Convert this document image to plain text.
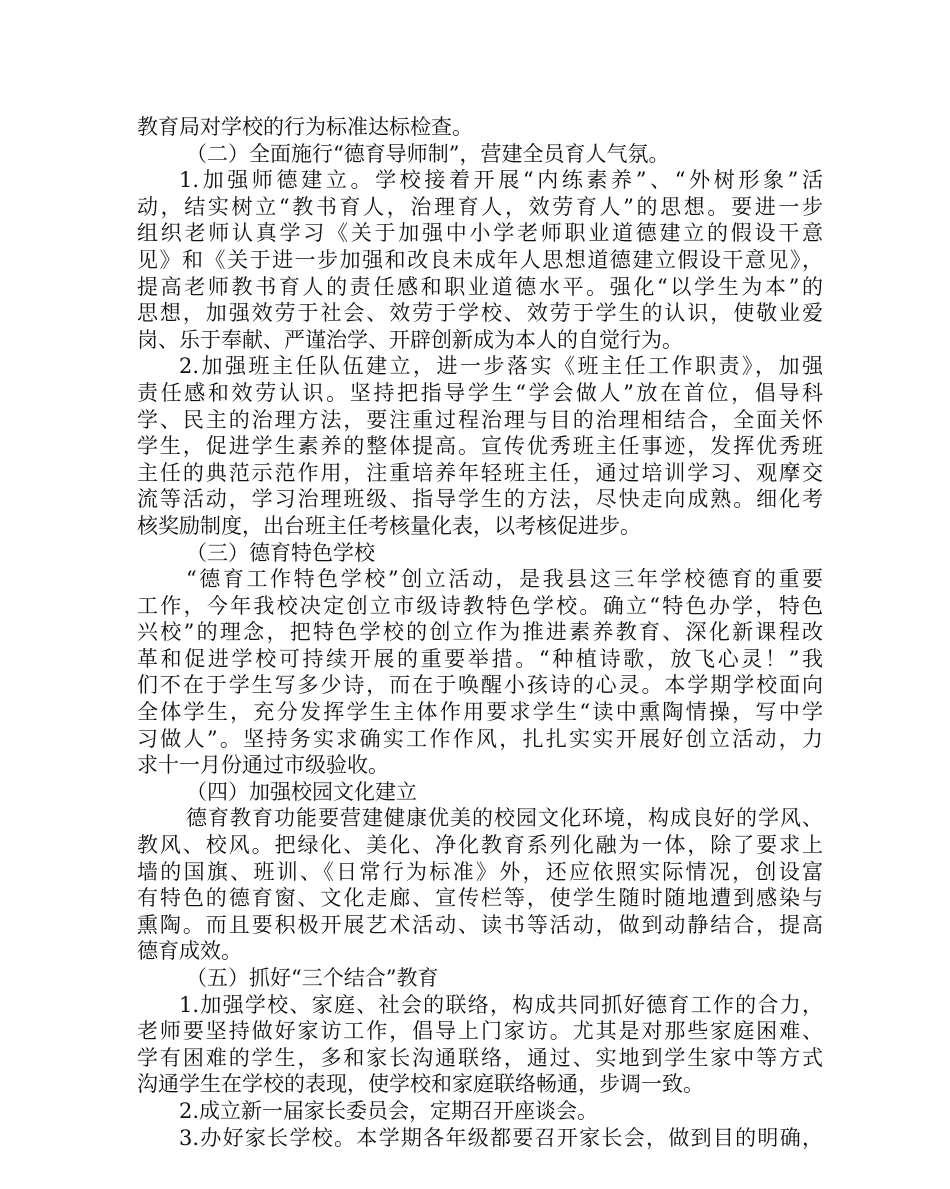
教育局对学校的行为标准达标检查。
（二）全面施行“德育导师制”，营建全员育人气氛。
1.加强师德建立。学校接着开展“内练素养”、“外树形象”活
动，结实树立“教书育人，治理育人，效劳育人”的思想。要进一步
组织老师认真学习《关于加强中小学老师职业道德建立的假设干意
见》和《关于进一步加强和改良未成年人思想道德建立假设干意见》，
提高老师教书育人的责任感和职业道德水平。强化“以学生为本”的
思想，加强效劳于社会、效劳于学校、效劳于学生的认识，使敬业爱
岗、乐于奉献、严谨治学、开辟创新成为本人的自觉行为。
2.加强班主任队伍建立，进一步落实《班主任工作职责》，加强
责任感和效劳认识。坚持把指导学生“学会做人”放在首位，倡导科
学、民主的治理方法，要注重过程治理与目的治理相结合，全面关怀
学生，促进学生素养的整体提高。宣传优秀班主任事迹，发挥优秀班
主任的典范示范作用，注重培养年轻班主任，通过培训学习、观摩交
流等活动，学习治理班级、指导学生的方法，尽快走向成熟。细化考
核奖励制度，出台班主任考核量化表，以考核促进步。
（三）德育特色学校
“德育工作特色学校”创立活动，是我县这三年学校德育的重要
工作，今年我校决定创立市级诗教特色学校。确立“特色办学，特色
兴校”的理念，把特色学校的创立作为推进素养教育、深化新课程改
革和促进学校可持续开展的重要举措。“种植诗歌，放飞心灵！”我
们不在于学生写多少诗，而在于唤醒小孩诗的心灵。本学期学校面向
全体学生，充分发挥学生主体作用要求学生“读中熏陶情操，写中学
习做人”。坚持务实求确实工作作风，扎扎实实开展好创立活动，力
求十一月份通过市级验收。
（四）加强校园文化建立
德育教育功能要营建健康优美的校园文化环境，构成良好的学风、
教风、校风。把绿化、美化、净化教育系列化融为一体，除了要求上
墙的国旗、班训、《日常行为标准》外，还应依照实际情况，创设富
有特色的德育窗、文化走廊、宣传栏等，使学生随时随地遭到感染与
熏陶。而且要积极开展艺术活动、读书等活动，做到动静结合，提高
德育成效。
（五）抓好“三个结合”教育
1.加强学校、家庭、社会的联络，构成共同抓好德育工作的合力，
老师要坚持做好家访工作，倡导上门家访。尤其是对那些家庭困难、
学有困难的学生，多和家长沟通联络，通过、实地到学生家中等方式
沟通学生在学校的表现，使学校和家庭联络畅通，步调一致。
2.成立新一届家长委员会，定期召开座谈会。
3.办好家长学校。本学期各年级都要召开家长会，做到目的明确，
